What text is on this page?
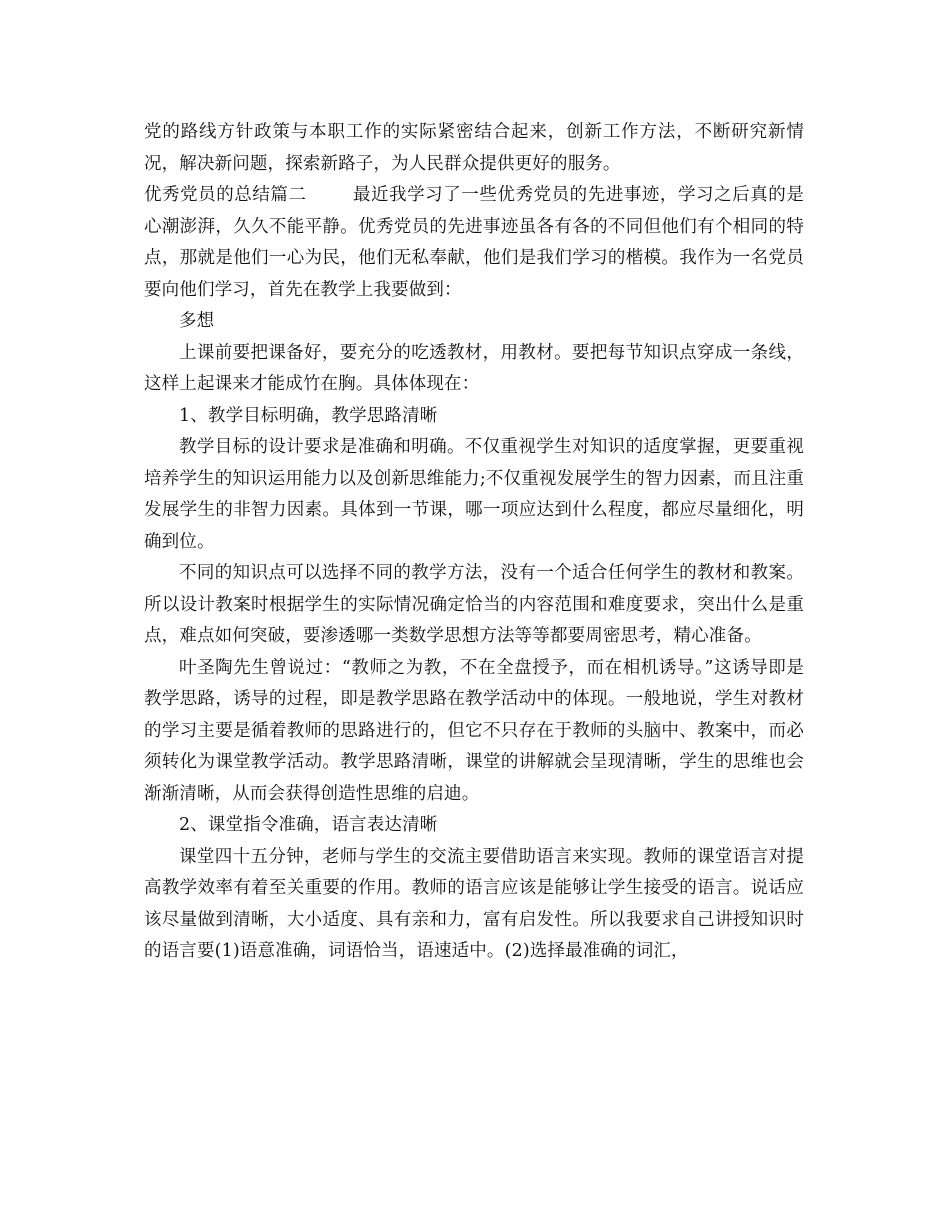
党的路线方针政策与本职工作的实际紧密结合起来，创新工作方法，不断研究新情况，解决新问题，探索新路子，为人民群众提供更好的服务。

优秀党员的总结篇二	最近我学习了一些优秀党员的先进事迹，学习之后真的是心潮澎湃，久久不能平静。优秀党员的先进事迹虽各有各的不同但他们有个相同的特点，那就是他们一心为民，他们无私奉献，他们是我们学习的楷模。我作为一名党员要向他们学习，首先在教学上我要做到：

多想

上课前要把课备好，要充分的吃透教材，用教材。要把每节知识点穿成一条线，这样上起课来才能成竹在胸。具体体现在：

1、教学目标明确，教学思路清晰

教学目标的设计要求是准确和明确。不仅重视学生对知识的适度掌握，更要重视培养学生的知识运用能力以及创新思维能力;不仅重视发展学生的智力因素，而且注重发展学生的非智力因素。具体到一节课，哪一项应达到什么程度，都应尽量细化，明确到位。

不同的知识点可以选择不同的教学方法，没有一个适合任何学生的教材和教案。所以设计教案时根据学生的实际情况确定恰当的内容范围和难度要求，突出什么是重点，难点如何突破，要渗透哪一类数学思想方法等等都要周密思考，精心准备。

叶圣陶先生曾说过：“教师之为教，不在全盘授予，而在相机诱导。”这诱导即是教学思路，诱导的过程，即是教学思路在教学活动中的体现。一般地说，学生对教材的学习主要是循着教师的思路进行的，但它不只存在于教师的头脑中、教案中，而必须转化为课堂教学活动。教学思路清晰，课堂的讲解就会呈现清晰，学生的思维也会渐渐清晰，从而会获得创造性思维的启迪。

2、课堂指令准确，语言表达清晰

课堂四十五分钟，老师与学生的交流主要借助语言来实现。教师的课堂语言对提高教学效率有着至关重要的作用。教师的语言应该是能够让学生接受的语言。说话应该尽量做到清晰，大小适度、具有亲和力，富有启发性。所以我要求自己讲授知识时的语言要(1)语意准确，词语恰当，语速适中。(2)选择最准确的词汇，
